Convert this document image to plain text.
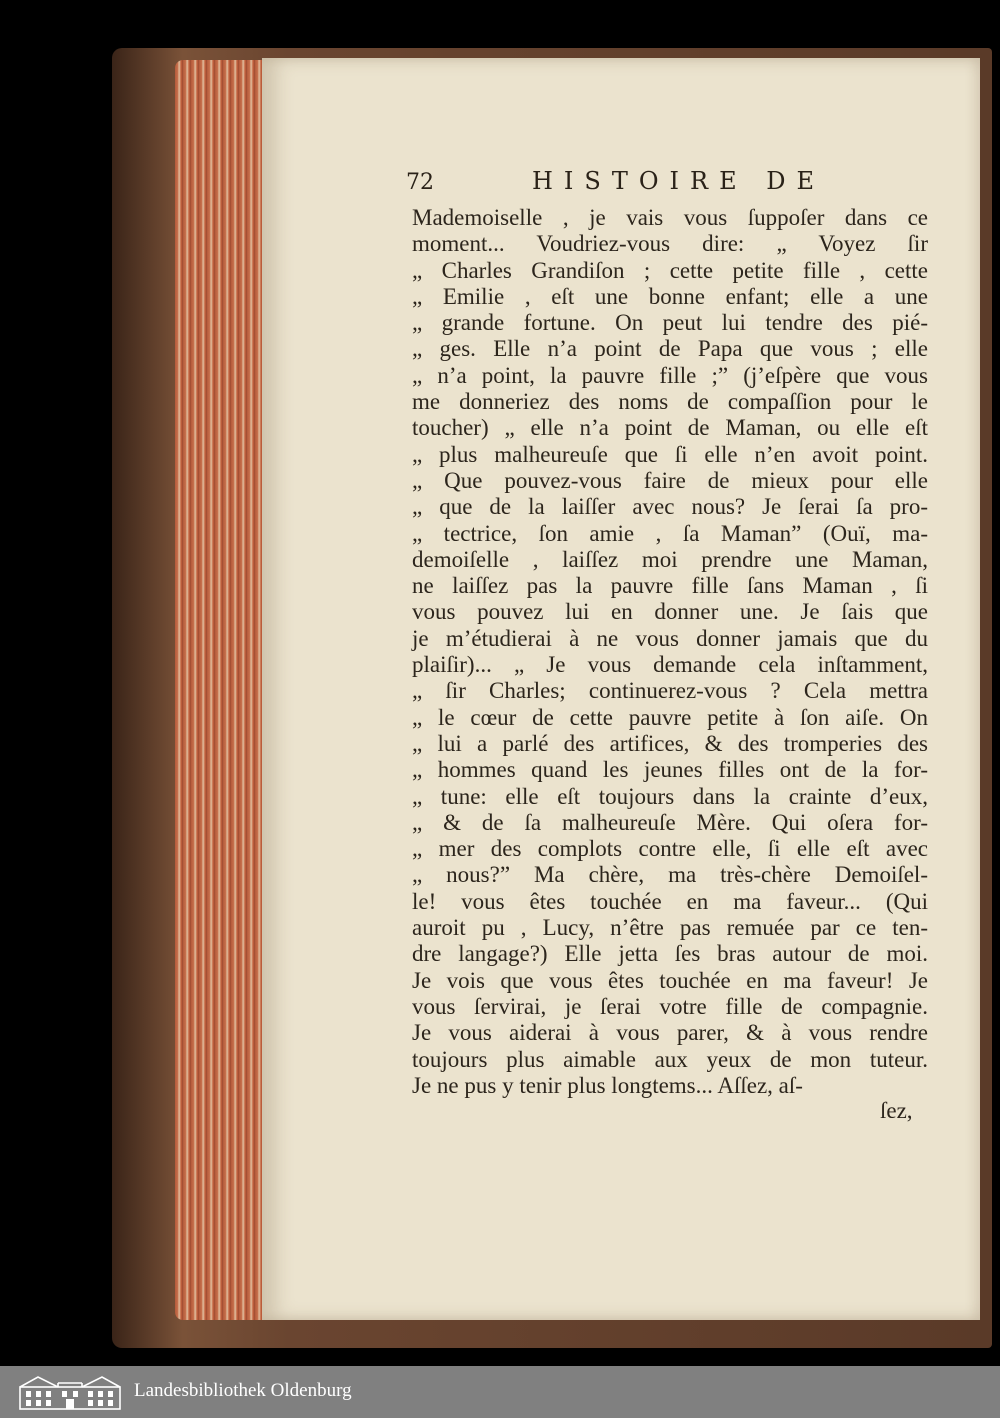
72	HISTOIRE DE
Mademoiselle , je vais vous ſuppoſer dans ce
moment... Voudriez-vous dire: „ Voyez ſir
„ Charles Grandiſon ; cette petite fille , cette
„ Emilie , eſt une bonne enfant; elle a une
„ grande fortune. On peut lui tendre des pié-
„ ges. Elle n’a point de Papa que vous ; elle
„ n’a point, la pauvre fille ;” (j’eſpère que vous
me donneriez des noms de compaſſion pour le
toucher) „ elle n’a point de Maman, ou elle eſt
„ plus malheureuſe que ſi elle n’en avoit point.
„ Que pouvez-vous faire de mieux pour elle
„ que de la laiſſer avec nous? Je ſerai ſa pro-
„ tectrice, ſon amie , ſa Maman” (Ouï, ma-
demoiſelle , laiſſez moi prendre une Maman,
ne laiſſez pas la pauvre fille ſans Maman , ſi
vous pouvez lui en donner une. Je ſais que
je m’étudierai à ne vous donner jamais que du
plaiſir)... „ Je vous demande cela inſtamment,
„ ſir Charles; continuerez-vous ? Cela mettra
„ le cœur de cette pauvre petite à ſon aiſe. On
„ lui a parlé des artifices, & des tromperies des
„ hommes quand les jeunes filles ont de la for-
„ tune: elle eſt toujours dans la crainte d’eux,
„ & de ſa malheureuſe Mère. Qui oſera for-
„ mer des complots contre elle, ſi elle eſt avec
„ nous?” Ma chère, ma très-chère Demoiſel-
le! vous êtes touchée en ma faveur... (Qui
auroit pu , Lucy, n’être pas remuée par ce ten-
dre langage?) Elle jetta ſes bras autour de moi.
Je vois que vous êtes touchée en ma faveur! Je
vous ſervirai, je ſerai votre fille de compagnie.
Je vous aiderai à vous parer, & à vous rendre
toujours plus aimable aux yeux de mon tuteur.
Je ne pus y tenir plus longtems... Aſſez, aſ-
ſez,
Landesbibliothek Oldenburg
